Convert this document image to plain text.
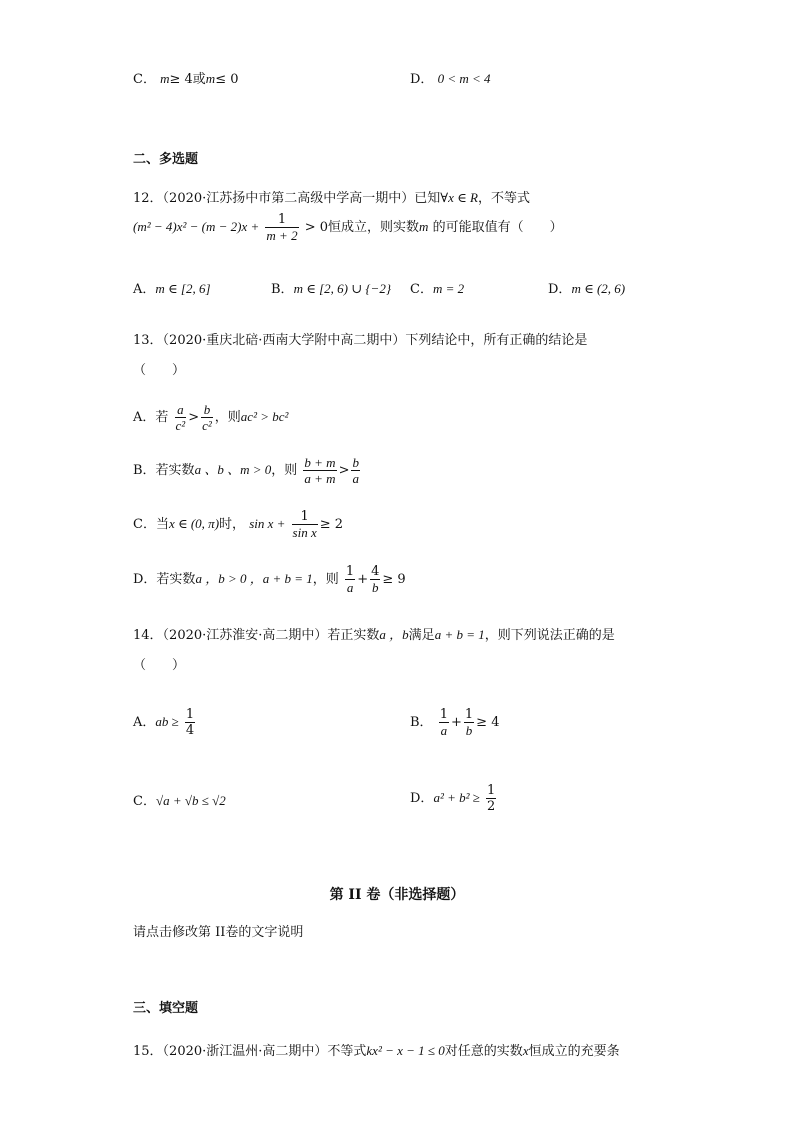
C． m≥ 4或m≤ 0	D． 0 < m < 4
二、多选题
12．（2020·江苏扬中市第二高级中学高一期中）已知∀x ∈ R，不等式
$(m^2 - 4)x^2 - (m - 2)x + \frac{1}{m + 2} > 0$恒成立，则实数m 的可能取值有（　　）
A．m ∈ [2, 6]	B．m ∈ [2, 6) ∪ {−2} C．m = 2	D．m ∈ (2, 6)
13．（2020·重庆北碚·西南大学附中高二期中）下列结论中，所有正确的结论是
（　　）
A．若 $\frac{a}{\text{c²}} > \frac{b}{\text{c²}}$ ，则ac² > bc²
B．若实数a 、b 、m > 0，则 $\frac{b + m}{a + m} > \frac{b}{a}$
C．当x ∈ (0, π)时， $\sin x + \frac{1}{\text{sin x}} \ge 2$
D．若实数a ，b > 0 ，a + b = 1，则 $\frac{1}{a} + \frac{4}{b} \ge 9$
14．（2020·江苏淮安·高二期中）若正实数a ，b满足a + b = 1，则下列说法正确的是
（　　）
A．ab ≥ $\frac{1}{4}$	B． $\frac{1}{a} + \frac{1}{b} \ge 4$
C．√a + √b ≤ √2	D．$a^2 + b^2 \ge \frac{1}{2}$
第 II 卷（非选择题）
请点击修改第 II卷的文字说明
三、填空题
15．（2020·浙江温州·高二期中）不等式kx² − x − 1 ≤ 0对任意的实数x恒成立的充要条
